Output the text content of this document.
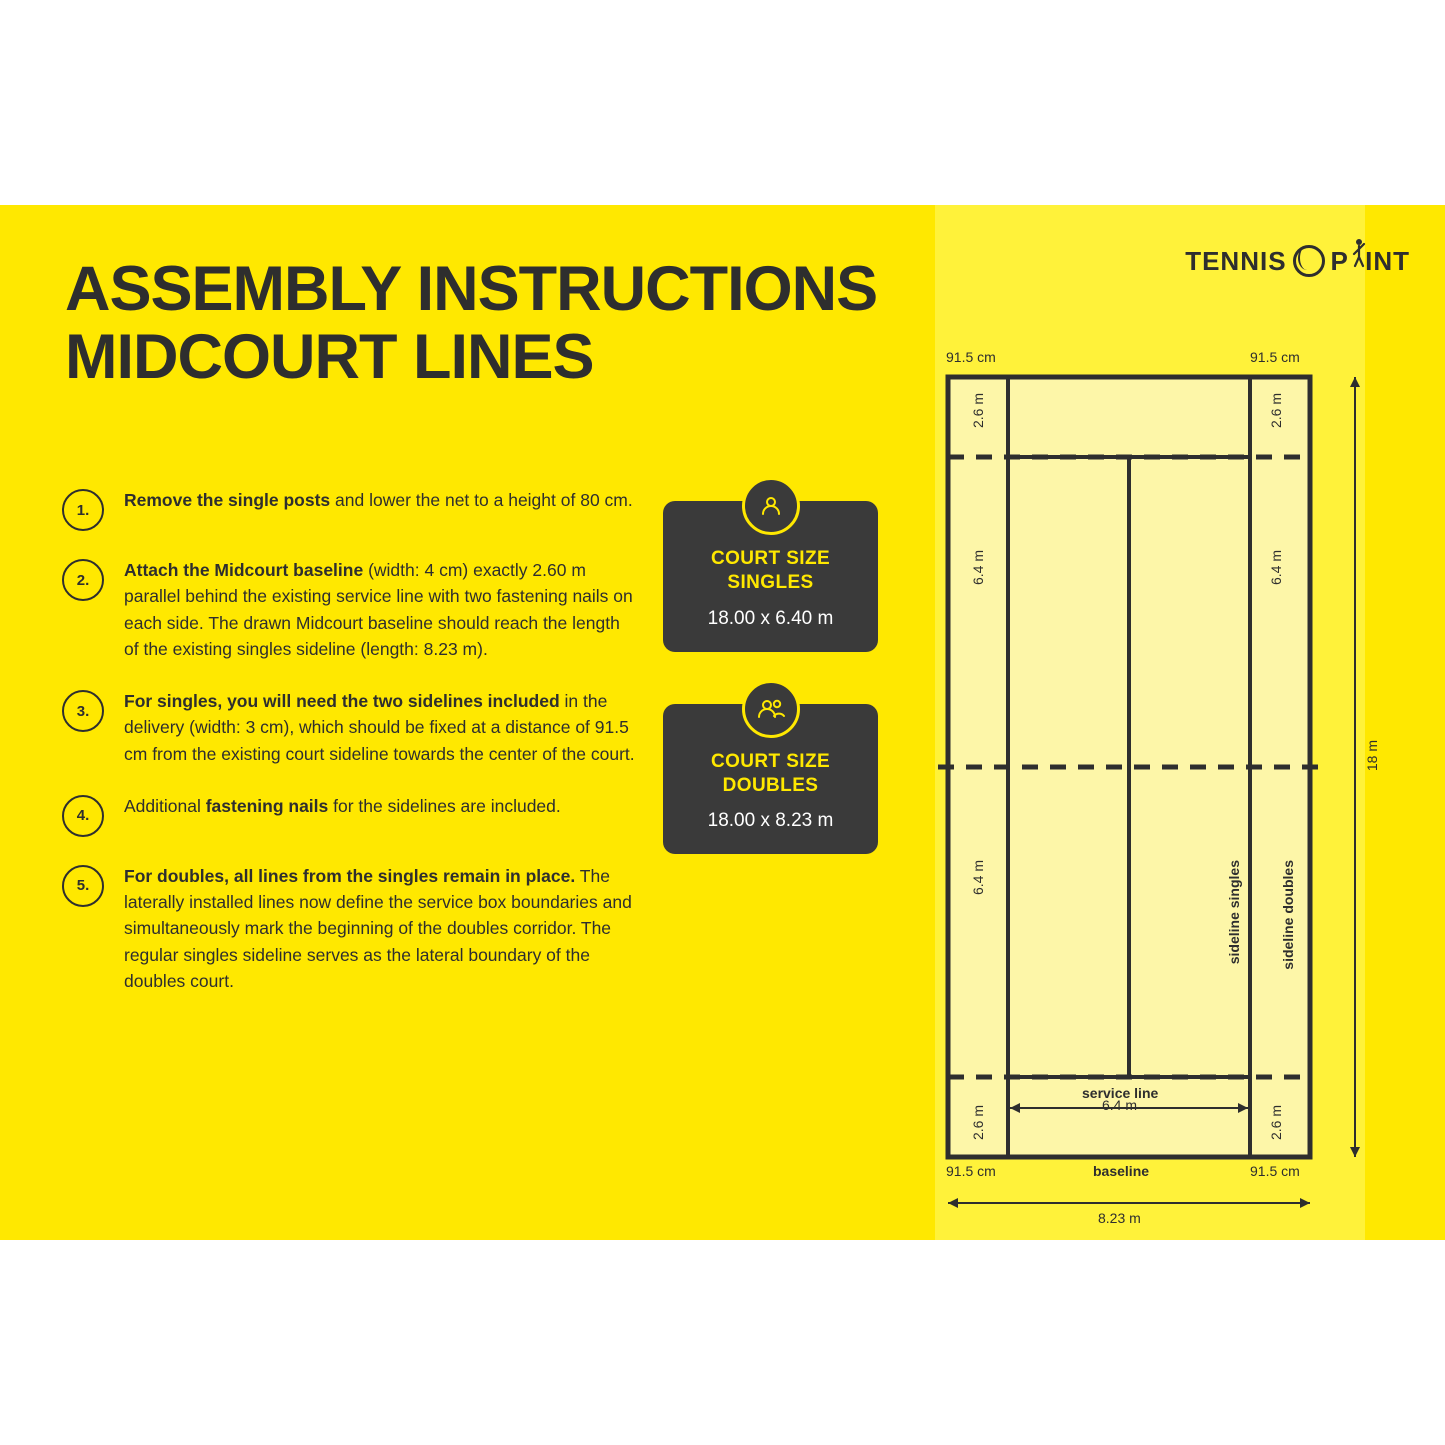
TENNIS P INT
ASSEMBLY INSTRUCTIONS
MIDCOURT LINES
1.	Remove the single posts and lower the net to a height of 80 cm.
2.	Attach the Midcourt baseline (width: 4 cm) exactly 2.60 m parallel behind the existing service line with two fastening nails on each side. The drawn Midcourt baseline should reach the length of the existing singles sideline (length: 8.23 m).
3.	For singles, you will need the two sidelines included in the delivery (width: 3 cm), which should be fixed at a distance of 91.5 cm from the existing court sideline towards the center of the court.
4.	Additional fastening nails for the sidelines are included.
5.	For doubles, all lines from the singles remain in place. The laterally installed lines now define the service box boundaries and simultaneously mark the beginning of the doubles corridor. The regular singles sideline serves as the lateral boundary of the doubles court.
COURT SIZE
SINGLES
18.00 x 6.40 m
COURT SIZE
DOUBLES
18.00 x 8.23 m
91.5 cm	91.5 cm
2.6 m	2.6 m
6.4 m	6.4 m
6.4 m	sideline singles	sideline doubles
service line
2.6 m	2.6 m
6.4 m
91.5 cm	baseline	91.5 cm
8.23 m
18 m
